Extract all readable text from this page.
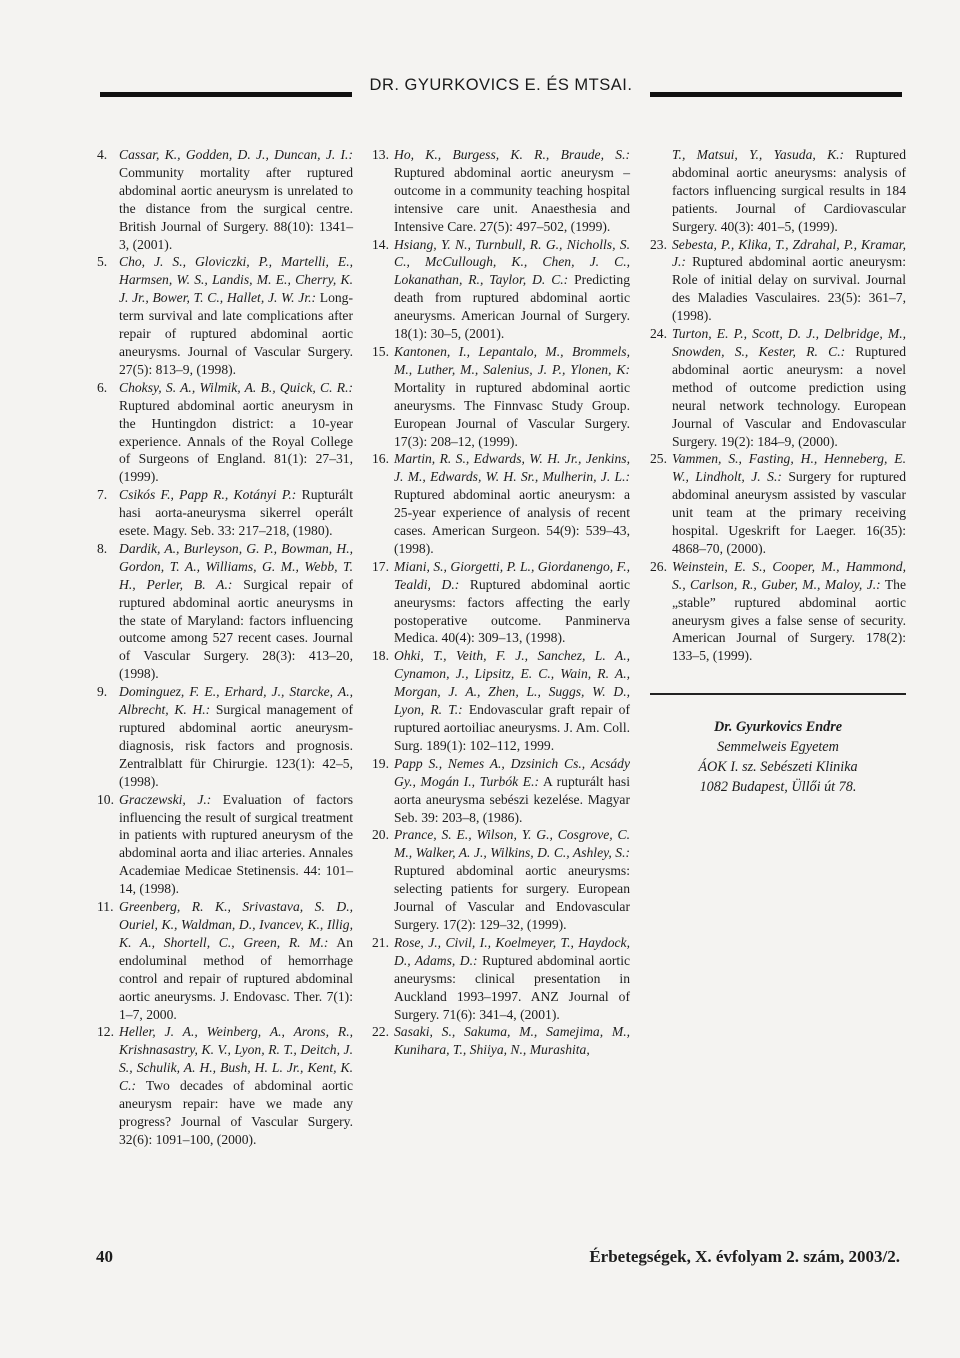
DR. GYURKOVICS E. ÉS MTSAI.

4. Cassar, K., Godden, D. J., Duncan, J. I.: Community mortality after ruptured abdominal aortic aneurysm is unrelated to the distance from the surgical centre. British Journal of Surgery. 88(10): 1341–3, (2001).

5. Cho, J. S., Gloviczki, P., Martelli, E., Harmsen, W. S., Landis, M. E., Cherry, K. J. Jr., Bower, T. C., Hallet, J. W. Jr.: Long-term survival and late complications after repair of ruptured abdominal aortic aneurysms. Journal of Vascular Surgery. 27(5): 813–9, (1998).

6. Choksy, S. A., Wilmik, A. B., Quick, C. R.: Ruptured abdominal aortic aneurysm in the Huntingdon district: a 10-year experience. Annals of the Royal College of Surgeons of England. 81(1): 27–31, (1999).

7. Csikós F., Papp R., Kotányi P.: Rupturált hasi aorta-aneurysma sikerrel operált esete. Magy. Seb. 33: 217–218, (1980).

8. Dardik, A., Burleyson, G. P., Bowman, H., Gordon, T. A., Williams, G. M., Webb, T. H., Perler, B. A.: Surgical repair of ruptured abdominal aortic aneurysms in the state of Maryland: factors influencing outcome among 527 recent cases. Journal of Vascular Surgery. 28(3): 413–20, (1998).

9. Dominguez, F. E., Erhard, J., Starcke, A., Albrecht, K. H.: Surgical management of ruptured abdominal aortic aneurysm-diagnosis, risk factors and prognosis. Zentralblatt für Chirurgie. 123(1): 42–5, (1998).

10. Graczewski, J.: Evaluation of factors influencing the result of surgical treatment in patients with ruptured aneurysm of the abdominal aorta and iliac arteries. Annales Academiae Medicae Stetinensis. 44: 101–14, (1998).

11. Greenberg, R. K., Srivastava, S. D., Ouriel, K., Waldman, D., Ivancev, K., Illig, K. A., Shortell, C., Green, R. M.: An endoluminal method of hemorrhage control and repair of ruptured abdominal aortic aneurysms. J. Endovasc. Ther. 7(1): 1–7, 2000.

12. Heller, J. A., Weinberg, A., Arons, R., Krishnasastry, K. V., Lyon, R. T., Deitch, J. S., Schulik, A. H., Bush, H. L. Jr., Kent, K. C.: Two decades of abdominal aortic aneurysm repair: have we made any progress? Journal of Vascular Surgery. 32(6): 1091–100, (2000).

13. Ho, K., Burgess, K. R., Braude, S.: Ruptured abdominal aortic aneurysm – outcome in a community teaching hospital intensive care unit. Anaesthesia and Intensive Care. 27(5): 497–502, (1999).

14. Hsiang, Y. N., Turnbull, R. G., Nicholls, S. C., McCullough, K., Chen, J. C., Lokanathan, R., Taylor, D. C.: Predicting death from ruptured abdominal aortic aneurysms. American Journal of Surgery. 18(1): 30–5, (2001).

15. Kantonen, I., Lepantalo, M., Brommels, M., Luther, M., Salenius, J. P., Ylonen, K: Mortality in ruptured abdominal aortic aneurysms. The Finnvasc Study Group. European Journal of Vascular Surgery. 17(3): 208–12, (1999).

16. Martin, R. S., Edwards, W. H. Jr., Jenkins, J. M., Edwards, W. H. Sr., Mulherin, J. L.: Ruptured abdominal aortic aneurysm: a 25-year experience of analysis of recent cases. American Surgeon. 54(9): 539–43, (1998).

17. Miani, S., Giorgetti, P. L., Giordanengo, F., Tealdi, D.: Ruptured abdominal aortic aneurysms: factors affecting the early postoperative outcome. Panminerva Medica. 40(4): 309–13, (1998).

18. Ohki, T., Veith, F. J., Sanchez, L. A., Cynamon, J., Lipsitz, E. C., Wain, R. A., Morgan, J. A., Zhen, L., Suggs, W. D., Lyon, R. T.: Endovascular graft repair of ruptured aortoiliac aneurysms. J. Am. Coll. Surg. 189(1): 102–112, 1999.

19. Papp S., Nemes A., Dzsinich Cs., Acsády Gy., Mogán I., Turbók E.: A rupturált hasi aorta aneurysma sebészi kezelése. Magyar Seb. 39: 203–8, (1986).

20. Prance, S. E., Wilson, Y. G., Cosgrove, C. M., Walker, A. J., Wilkins, D. C., Ashley, S.: Ruptured abdominal aortic aneurysms: selecting patients for surgery. European Journal of Vascular and Endovascular Surgery. 17(2): 129–32, (1999).

21. Rose, J., Civil, I., Koelmeyer, T., Haydock, D., Adams, D.: Ruptured abdominal aortic aneurysms: clinical presentation in Auckland 1993–1997. ANZ Journal of Surgery. 71(6): 341–4, (2001).

22. Sasaki, S., Sakuma, M., Samejima, M., Kunihara, T., Shiiya, N., Murashita,

T., Matsui, Y., Yasuda, K.: Ruptured abdominal aortic aneurysms: analysis of factors influencing surgical results in 184 patients. Journal of Cardiovascular Surgery. 40(3): 401–5, (1999).

23. Sebesta, P., Klika, T., Zdrahal, P., Kramar, J.: Ruptured abdominal aortic aneurysm: Role of initial delay on survival. Journal des Maladies Vasculaires. 23(5): 361–7, (1998).

24. Turton, E. P., Scott, D. J., Delbridge, M., Snowden, S., Kester, R. C.: Ruptured abdominal aortic aneurysm: a novel method of outcome prediction using neural network technology. European Journal of Vascular and Endovascular Surgery. 19(2): 184–9, (2000).

25. Vammen, S., Fasting, H., Henneberg, E. W., Lindholt, J. S.: Surgery for ruptured abdominal aneurysm assisted by vascular unit team at the primary receiving hospital. Ugeskrift for Laeger. 16(35): 4868–70, (2000).

26. Weinstein, E. S., Cooper, M., Hammond, S., Carlson, R., Guber, M., Maloy, J.: The „stable” ruptured abdominal aortic aneurysm gives a false sense of security. American Journal of Surgery. 178(2): 133–5, (1999).

Dr. Gyurkovics Endre
Semmelweis Egyetem
ÁOK I. sz. Sebészeti Klinika
1082 Budapest, Üllői út 78.
40	Érbetegségek, X. évfolyam 2. szám, 2003/2.
